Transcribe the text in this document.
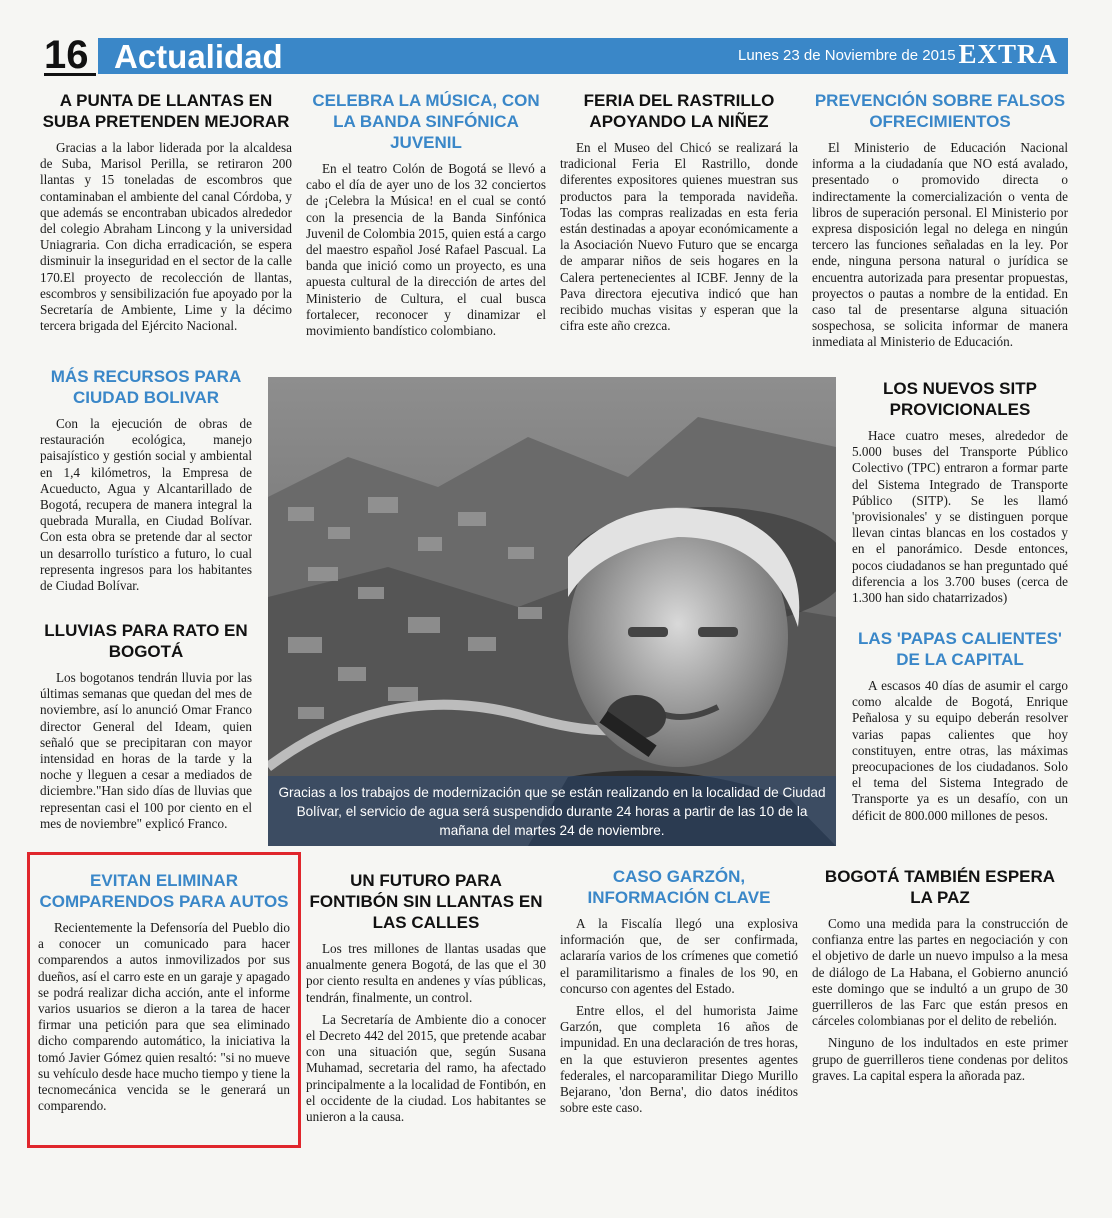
16 Actualidad	Lunes 23 de Noviembre de 2015 EXTRA
A PUNTA DE LLANTAS EN SUBA PRETENDEN MEJORAR

Gracias a la labor liderada por la alcaldesa de Suba, Marisol Perilla, se retiraron 200 llantas y 15 toneladas de escombros que contaminaban el ambiente del canal Córdoba, y que además se encontraban ubicados alrededor del colegio Abraham Lincong y la universidad Uniagraria. Con dicha erradicación, se espera disminuir la inseguridad en el sector de la calle 170.El proyecto de recolección de llantas, escombros y sensibilización fue apoyado por la Secretaría de Ambiente, Lime y la décimo tercera brigada del Ejército Nacional.

CELEBRA LA MÚSICA, CON LA BANDA SINFÓNICA JUVENIL

En el teatro Colón de Bogotá se llevó a cabo el día de ayer uno de los 32 conciertos de ¡Celebra la Música! en el cual se contó con la presencia de la Banda Sinfónica Juvenil de Colombia 2015, quien está a cargo del maestro español José Rafael Pascual. La banda que inició como un proyecto, es una apuesta cultural de la dirección de artes del Ministerio de Cultura, el cual busca fortalecer, reconocer y dinamizar el movimiento bandístico colombiano.

FERIA DEL RASTRILLO APOYANDO LA NIÑEZ

En el Museo del Chicó se realizará la tradicional Feria El Rastrillo, donde diferentes expositores quienes muestran sus productos para la temporada navideña. Todas las compras realizadas en esta feria están destinadas a apoyar económicamente a la Asociación Nuevo Futuro que se encarga de amparar niños de seis hogares en la Calera pertenecientes al ICBF. Jenny de la Pava directora ejecutiva indicó que han recibido muchas visitas y esperan que la cifra este año crezca.

PREVENCIÓN SOBRE FALSOS OFRECIMIENTOS

El Ministerio de Educación Nacional informa a la ciudadanía que NO está avalado, presentado o promovido directa o indirectamente la comercialización o venta de libros de superación personal. El Ministerio por expresa disposición legal no delega en ningún tercero las funciones señaladas en la ley. Por ende, ninguna persona natural o jurídica se encuentra autorizada para presentar propuestas, proyectos o pautas a nombre de la entidad. En caso tal de presentarse alguna situación sospechosa, se solicita informar de manera inmediata al Ministerio de Educación.

MÁS RECURSOS PARA CIUDAD BOLIVAR

Con la ejecución de obras de restauración ecológica, manejo paisajístico y gestión social y ambiental en 1,4 kilómetros, la Empresa de Acueducto, Agua y Alcantarillado de Bogotá, recupera de manera integral la quebrada Muralla, en Ciudad Bolívar. Con esta obra se pretende dar al sector un desarrollo turístico a futuro, lo cual representa ingresos para los habitantes de Ciudad Bolívar.

LLUVIAS PARA RATO EN BOGOTÁ

Los bogotanos tendrán lluvia por las últimas semanas que quedan del mes de noviembre, así lo anunció Omar Franco director General del Ideam, quien señaló que se precipitaran con mayor intensidad en horas de la tarde y la noche y lleguen a cesar a mediados de diciembre."Han sido días de lluvias que representan casi el 100 por ciento en el mes de noviembre" explicó Franco.

Gracias a los trabajos de modernización que se están realizando en la localidad de Ciudad Bolívar, el servicio de agua será suspendido durante 24 horas a partir de las 10 de la mañana del martes 24 de noviembre.

LOS NUEVOS SITP PROVICIONALES

Hace cuatro meses, alrededor de 5.000 buses del Transporte Público Colectivo (TPC) entraron a formar parte del Sistema Integrado de Transporte Público (SITP). Se les llamó 'provisionales' y se distinguen porque llevan cintas blancas en los costados y en el panorámico. Desde entonces, pocos ciudadanos se han preguntado qué diferencia a los 3.700 buses (cerca de 1.300 han sido chatarrizados)

LAS 'PAPAS CALIENTES' DE LA CAPITAL

A escasos 40 días de asumir el cargo como alcalde de Bogotá, Enrique Peñalosa y su equipo deberán resolver varias papas calientes que hoy constituyen, entre otras, las máximas preocupaciones de los ciudadanos. Solo el tema del Sistema Integrado de Transporte ya es un desafío, con un déficit de 800.000 millones de pesos.

EVITAN ELIMINAR COMPARENDOS PARA AUTOS

Recientemente la Defensoría del Pueblo dio a conocer un comunicado para hacer comparendos a autos inmovilizados por sus dueños, así el carro este en un garaje y apagado se podrá realizar dicha acción, ante el informe varios usuarios se dieron a la tarea de hacer firmar una petición para que sea eliminado dicho comparendo automático, la iniciativa la tomó Javier Gómez quien resaltó: "si no mueve su vehículo desde hace mucho tiempo y tiene la tecnomecánica vencida se le generará un comparendo.

UN FUTURO PARA FONTIBÓN SIN LLANTAS EN LAS CALLES

Los tres millones de llantas usadas que anualmente genera Bogotá, de las que el 30 por ciento resulta en andenes y vías públicas, tendrán, finalmente, un control.

La Secretaría de Ambiente dio a conocer el Decreto 442 del 2015, que pretende acabar con una situación que, según Susana Muhamad, secretaria del ramo, ha afectado principalmente a la localidad de Fontibón, en el occidente de la ciudad. Los habitantes se unieron a la causa.

CASO GARZÓN, INFORMACIÓN CLAVE

A la Fiscalía llegó una explosiva información que, de ser confirmada, aclararía varios de los crímenes que cometió el paramilitarismo a finales de los 90, en concurso con agentes del Estado.

Entre ellos, el del humorista Jaime Garzón, que completa 16 años de impunidad. En una declaración de tres horas, en la que estuvieron presentes agentes federales, el narcoparamilitar Diego Murillo Bejarano, 'don Berna', dio datos inéditos sobre este caso.

BOGOTÁ TAMBIÉN ESPERA LA PAZ

Como una medida para la construcción de confianza entre las partes en negociación y con el objetivo de darle un nuevo impulso a la mesa de diálogo de La Habana, el Gobierno anunció este domingo que se indultó a un grupo de 30 guerrilleros de las Farc que están presos en cárceles colombianas por el delito de rebelión.

Ninguno de los indultados en este primer grupo de guerrilleros tiene condenas por delitos graves. La capital espera la añorada paz.
